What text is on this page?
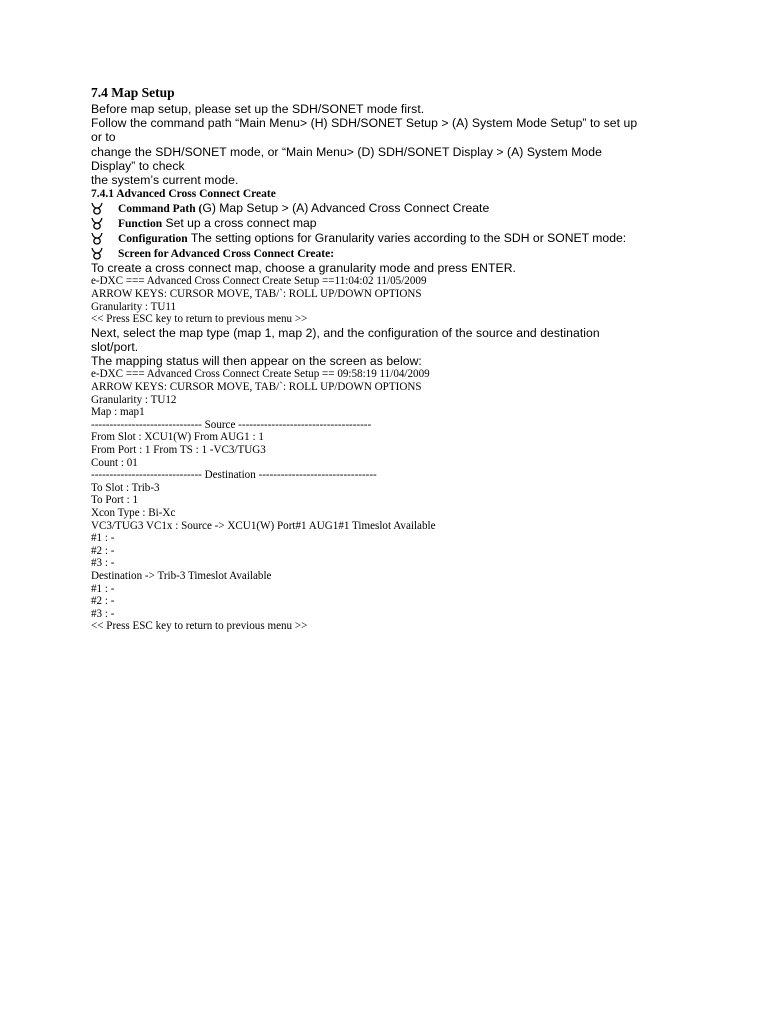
7.4 Map Setup

Before map setup, please set up the SDH/SONET mode first.

Follow the command path “Main Menu> (H) SDH/SONET Setup > (A) System Mode Setup” to set up

or to

change the SDH/SONET mode, or “Main Menu> (D) SDH/SONET Display > (A) System Mode

Display” to check

the system’s current mode.

7.4.1 Advanced Cross Connect Create

Command Path (G) Map Setup > (A) Advanced Cross Connect Create

Function Set up a cross connect map

Configuration The setting options for Granularity varies according to the SDH or SONET mode:

Screen for Advanced Cross Connect Create:

To create a cross connect map, choose a granularity mode and press ENTER.

e-DXC === Advanced Cross Connect Create Setup ==11:04:02 11/05/2009

ARROW KEYS: CURSOR MOVE, TAB/`: ROLL UP/DOWN OPTIONS

Granularity : TU11

<< Press ESC key to return to previous menu >>

Next, select the map type (map 1, map 2), and the configuration of the source and destination

slot/port.

The mapping status will then appear on the screen as below:

e-DXC === Advanced Cross Connect Create Setup == 09:58:19 11/04/2009

ARROW KEYS: CURSOR MOVE, TAB/`: ROLL UP/DOWN OPTIONS

Granularity : TU12

Map : map1

------------------------------ Source ------------------------------------

From Slot : XCU1(W) From AUG1 : 1

From Port : 1 From TS : 1 -VC3/TUG3

Count : 01

------------------------------ Destination --------------------------------

To Slot : Trib-3

To Port : 1

Xcon Type : Bi-Xc

VC3/TUG3 VC1x : Source -> XCU1(W) Port#1 AUG1#1 Timeslot Available

#1 : -

#2 : -

#3 : -

Destination -> Trib-3 Timeslot Available

#1 : -

#2 : -

#3 : -

<< Press ESC key to return to previous menu >>
